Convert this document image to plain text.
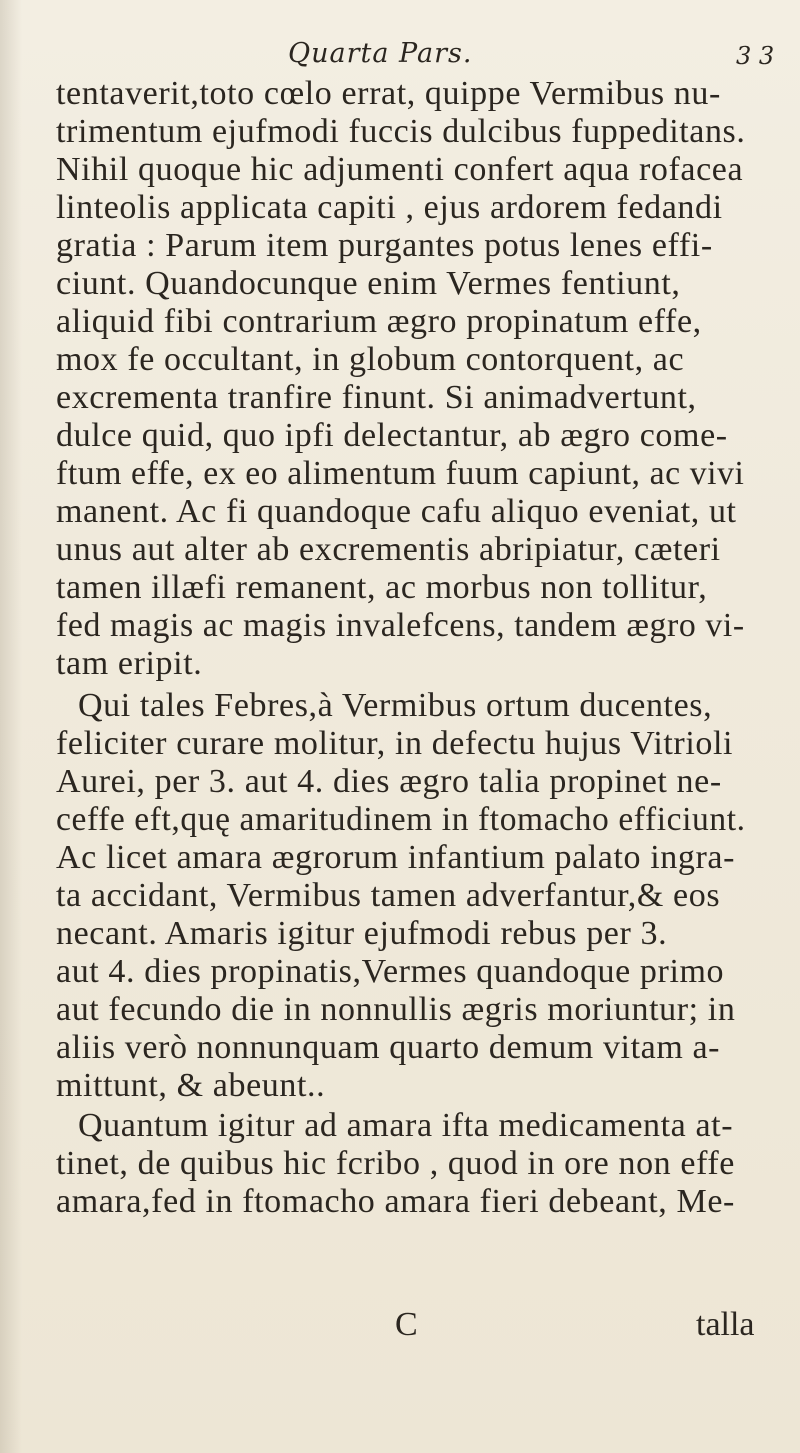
Quarta Pars.	3 3
tentaverit,toto cœlo errat, quippe Vermibus nu-
trimentum ejufmodi fuccis dulcibus fuppeditans.
Nihil quoque hic adjumenti confert aqua rofacea
linteolis applicata capiti , ejus ardorem fedandi
gratia : Parum item purgantes potus lenes effi-
ciunt. Quandocunque enim Vermes fentiunt,
aliquid fibi contrarium ægro propinatum effe,
mox fe occultant, in globum contorquent, ac
excrementa tranfire finunt. Si animadvertunt,
dulce quid, quo ipfi delectantur, ab ægro come-
ftum effe, ex eo alimentum fuum capiunt, ac vivi
manent. Ac fi quandoque cafu aliquo eveniat, ut
unus aut alter ab excrementis abripiatur, cæteri
tamen illæfi remanent, ac morbus non tollitur,
fed magis ac magis invalefcens, tandem ægro vi-
tam eripit.
Qui tales Febres,à Vermibus ortum ducentes,
feliciter curare molitur, in defectu hujus Vitrioli
Aurei, per 3. aut 4. dies ægro talia propinet ne-
ceffe eft,quę amaritudinem in ftomacho efficiunt.
Ac licet amara ægrorum infantium palato ingra-
ta accidant, Vermibus tamen adverfantur,& eos
necant. Amaris igitur ejufmodi rebus per 3.
aut 4. dies propinatis,Vermes quandoque primo
aut fecundo die in nonnullis ægris moriuntur; in
aliis verò nonnunquam quarto demum vitam a-
mittunt, & abeunt..
Quantum igitur ad amara ifta medicamenta at-
tinet, de quibus hic fcribo , quod in ore non effe
amara,fed in ftomacho amara fieri debeant, Me-
C	talla
